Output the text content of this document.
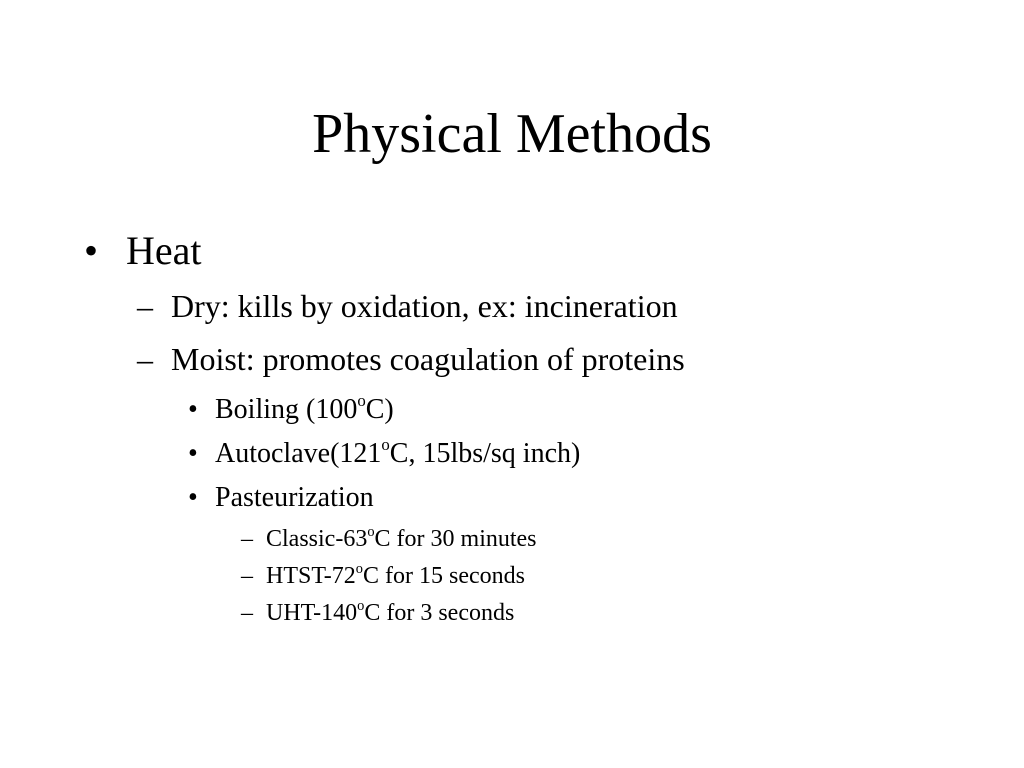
Physical Methods
• Heat
– Dry: kills by oxidation, ex: incineration
– Moist: promotes coagulation of proteins
• Boiling (100$^o$C)
• Autoclave(121$^o$C, 15lbs/sq inch)
• Pasteurization
– Classic-63$^o$C for 30 minutes
– HTST-72$^o$C for 15 seconds
– UHT-140$^o$C for 3 seconds
